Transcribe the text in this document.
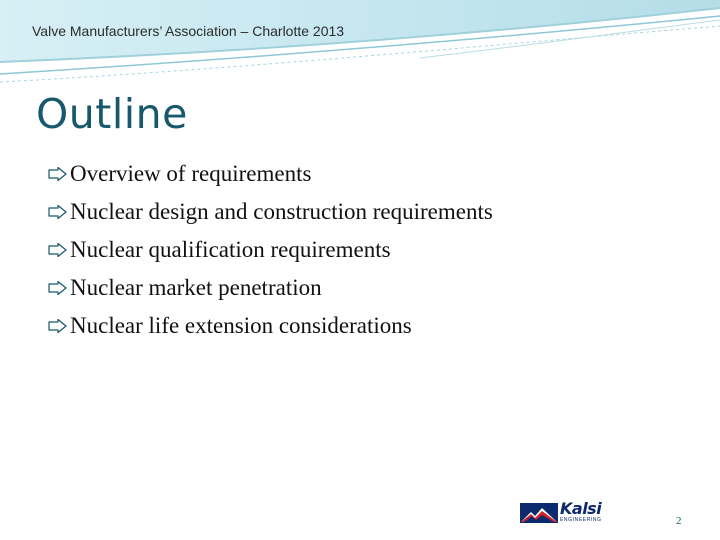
Valve Manufacturers’ Association – Charlotte 2013
Outline
Overview of requirements
Nuclear design and construction requirements
Nuclear qualification requirements
Nuclear market penetration
Nuclear life extension considerations
Kalsi
ENGINEERING	2
